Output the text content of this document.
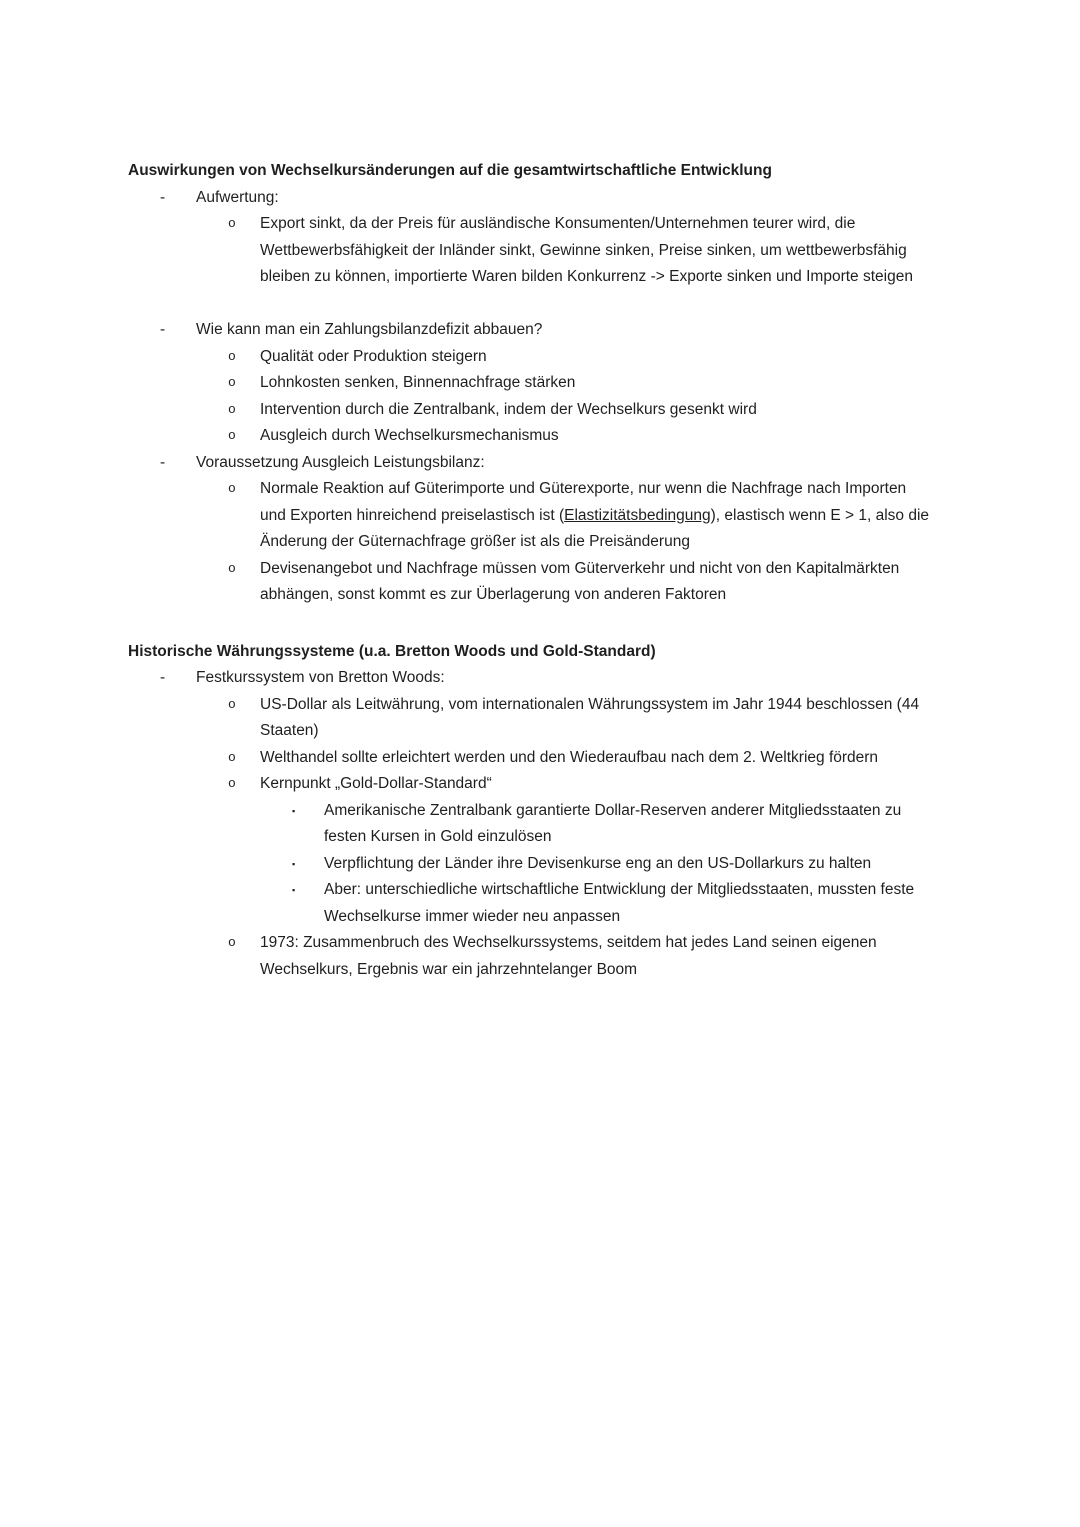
Auswirkungen von Wechselkursänderungen auf die gesamtwirtschaftliche Entwicklung
-	Aufwertung:
o	Export sinkt, da der Preis für ausländische Konsumenten/Unternehmen teurer wird, die Wettbewerbsfähigkeit der Inländer sinkt, Gewinne sinken, Preise sinken, um wettbewerbsfähig bleiben zu können, importierte Waren bilden Konkurrenz -> Exporte sinken und Importe steigen
-	Wie kann man ein Zahlungsbilanzdefizit abbauen?
o	Qualität oder Produktion steigern
o	Lohnkosten senken, Binnennachfrage stärken
o	Intervention durch die Zentralbank, indem der Wechselkurs gesenkt wird
o	Ausgleich durch Wechselkursmechanismus
-	Voraussetzung Ausgleich Leistungsbilanz:
o	Normale Reaktion auf Güterimporte und Güterexporte, nur wenn die Nachfrage nach Importen und Exporten hinreichend preiselastisch ist (Elastizitätsbedingung), elastisch wenn E > 1, also die Änderung der Güternachfrage größer ist als die Preisänderung
o	Devisenangebot und Nachfrage müssen vom Güterverkehr und nicht von den Kapitalmärkten abhängen, sonst kommt es zur Überlagerung von anderen Faktoren
Historische Währungssysteme (u.a. Bretton Woods und Gold-Standard)
-	Festkurssystem von Bretton Woods:
o	US-Dollar als Leitwährung, vom internationalen Währungssystem im Jahr 1944 beschlossen (44 Staaten)
o	Welthandel sollte erleichtert werden und den Wiederaufbau nach dem 2. Weltkrieg fördern
o	Kernpunkt „Gold-Dollar-Standard“
▪	Amerikanische Zentralbank garantierte Dollar-Reserven anderer Mitgliedsstaaten zu festen Kursen in Gold einzulösen
▪	Verpflichtung der Länder ihre Devisenkurse eng an den US-Dollarkurs zu halten
▪	Aber: unterschiedliche wirtschaftliche Entwicklung der Mitgliedsstaaten, mussten feste Wechselkurse immer wieder neu anpassen
o	1973: Zusammenbruch des Wechselkurssystems, seitdem hat jedes Land seinen eigenen Wechselkurs, Ergebnis war ein jahrzehntelanger Boom
